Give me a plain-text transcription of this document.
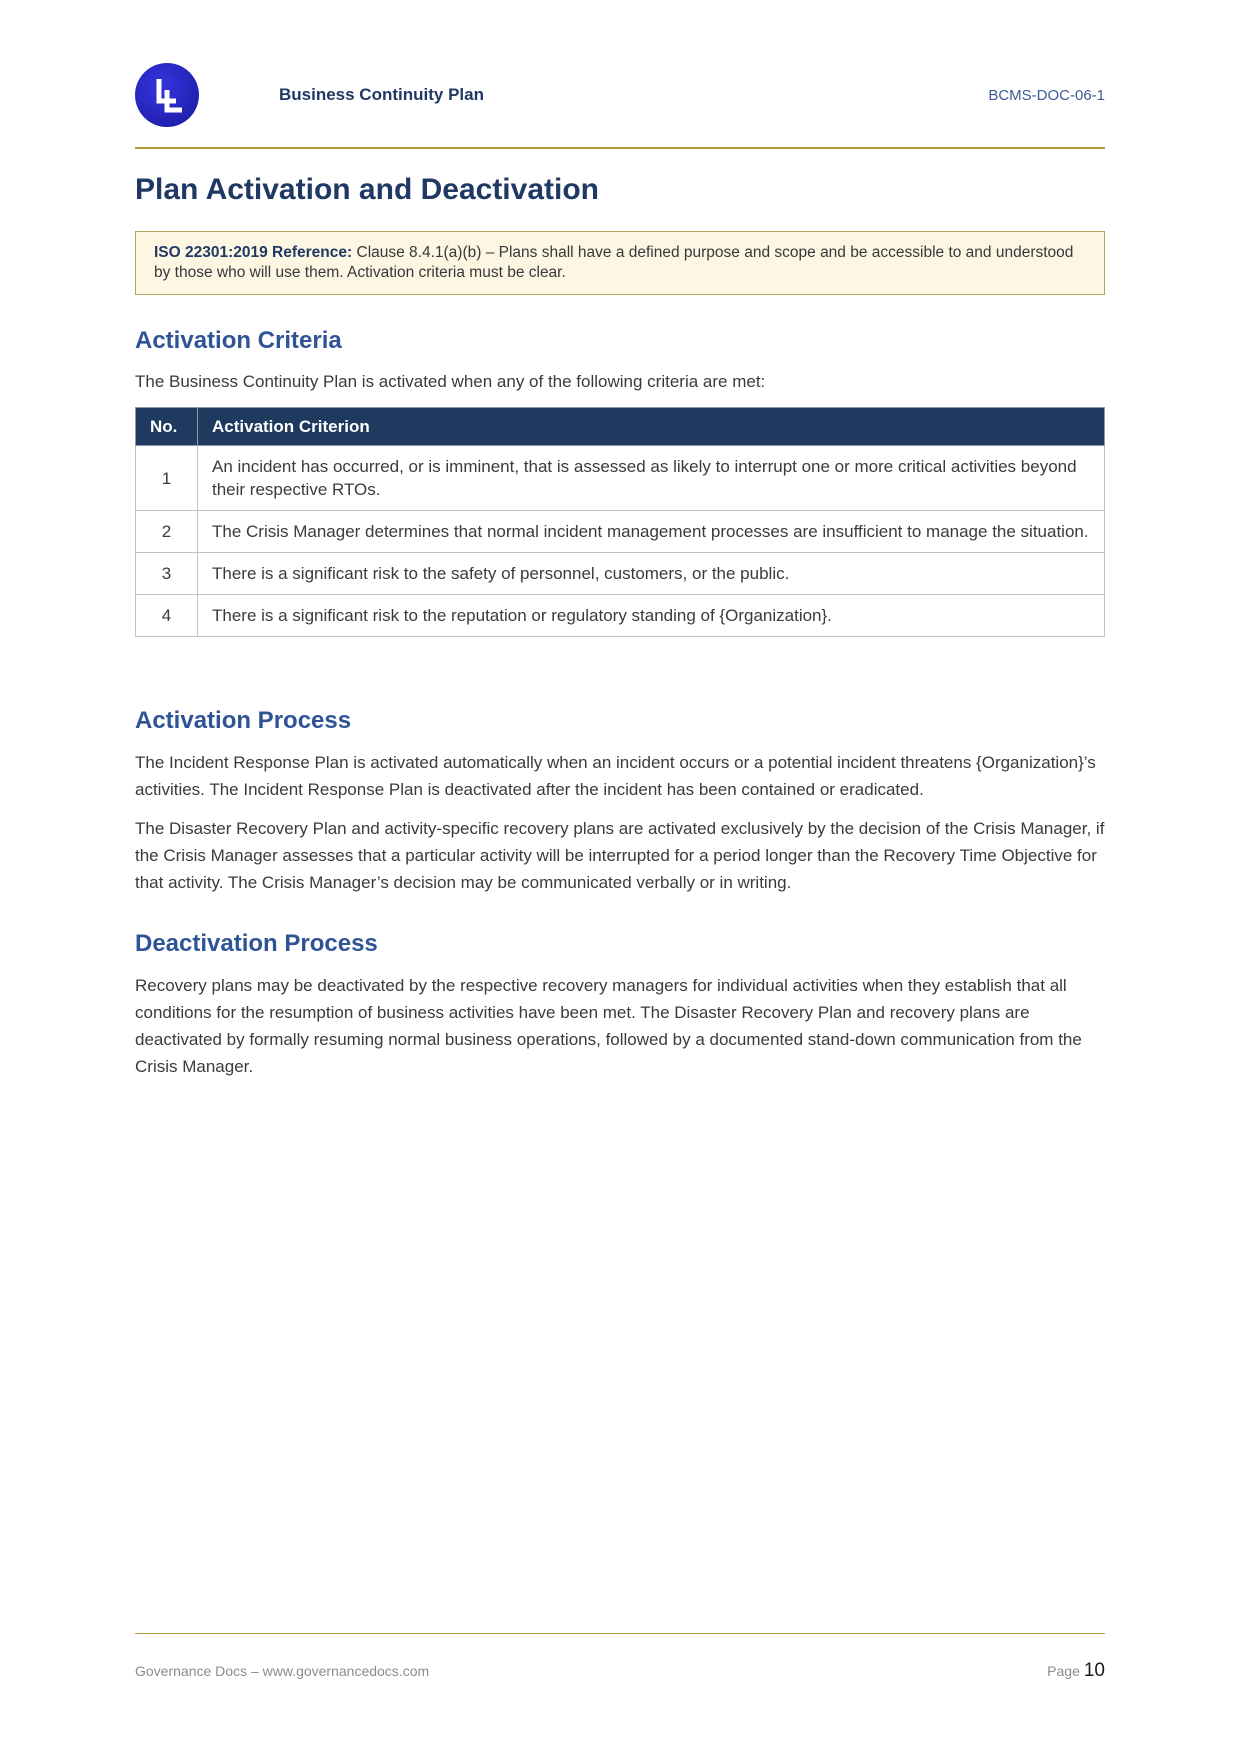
Business Continuity Plan	BCMS-DOC-06-1
Plan Activation and Deactivation
ISO 22301:2019 Reference: Clause 8.4.1(a)(b) – Plans shall have a defined purpose and scope and be accessible to and understood by those who will use them. Activation criteria must be clear.
Activation Criteria

The Business Continuity Plan is activated when any of the following criteria are met:

No.	Activation Criterion
1	An incident has occurred, or is imminent, that is assessed as likely to interrupt one or more critical activities beyond their respective RTOs.
2	The Crisis Manager determines that normal incident management processes are insufficient to manage the situation.
3	There is a significant risk to the safety of personnel, customers, or the public.
4	There is a significant risk to the reputation or regulatory standing of {Organization}.
Activation Process

The Incident Response Plan is activated automatically when an incident occurs or a potential incident threatens {Organization}’s activities. The Incident Response Plan is deactivated after the incident has been contained or eradicated.

The Disaster Recovery Plan and activity-specific recovery plans are activated exclusively by the decision of the Crisis Manager, if the Crisis Manager assesses that a particular activity will be interrupted for a period longer than the Recovery Time Objective for that activity. The Crisis Manager’s decision may be communicated verbally or in writing.

Deactivation Process

Recovery plans may be deactivated by the respective recovery managers for individual activities when they establish that all conditions for the resumption of business activities have been met. The Disaster Recovery Plan and recovery plans are deactivated by formally resuming normal business operations, followed by a documented stand-down communication from the Crisis Manager.

Governance Docs – www.governancedocs.com	Page 10
